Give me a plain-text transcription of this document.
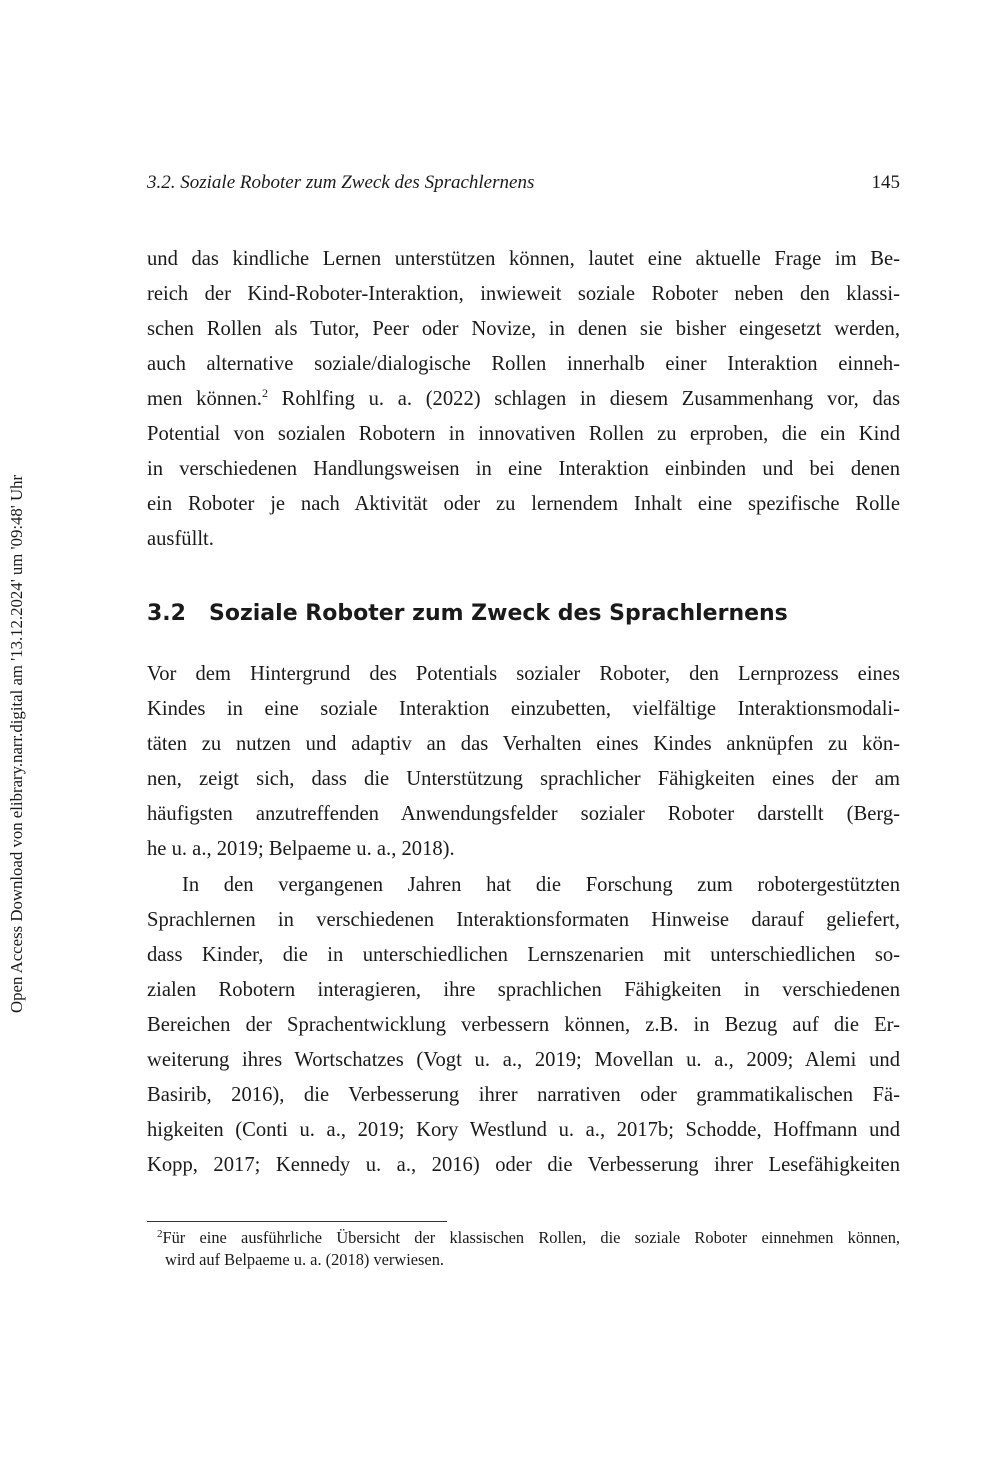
3.2. Soziale Roboter zum Zweck des Sprachlernens	145
Open Access Download von elibrary.narr.digital am '13.12.2024' um '09:48' Uhr
und das kindliche Lernen unterstützen können, lautet eine aktuelle Frage im Be-
reich der Kind-Roboter-Interaktion, inwieweit soziale Roboter neben den klassi-
schen Rollen als Tutor, Peer oder Novize, in denen sie bisher eingesetzt werden,
auch alternative soziale/dialogische Rollen innerhalb einer Interaktion einneh-
men können.$^2$ Rohlfing u. a. (2022) schlagen in diesem Zusammenhang vor, das
Potential von sozialen Robotern in innovativen Rollen zu erproben, die ein Kind
in verschiedenen Handlungsweisen in eine Interaktion einbinden und bei denen
ein Roboter je nach Aktivität oder zu lernendem Inhalt eine spezifische Rolle
ausfüllt.
3.2 Soziale Roboter zum Zweck des Sprachlernens
Vor dem Hintergrund des Potentials sozialer Roboter, den Lernprozess eines
Kindes in eine soziale Interaktion einzubetten, vielfältige Interaktionsmodali-
täten zu nutzen und adaptiv an das Verhalten eines Kindes anknüpfen zu kön-
nen, zeigt sich, dass die Unterstützung sprachlicher Fähigkeiten eines der am
häufigsten anzutreffenden Anwendungsfelder sozialer Roboter darstellt (Berg-
he u. a., 2019; Belpaeme u. a., 2018).
In den vergangenen Jahren hat die Forschung zum robotergestützten
Sprachlernen in verschiedenen Interaktionsformaten Hinweise darauf geliefert,
dass Kinder, die in unterschiedlichen Lernszenarien mit unterschiedlichen so-
zialen Robotern interagieren, ihre sprachlichen Fähigkeiten in verschiedenen
Bereichen der Sprachentwicklung verbessern können, z.B. in Bezug auf die Er-
weiterung ihres Wortschatzes (Vogt u. a., 2019; Movellan u. a., 2009; Alemi und
Basirib, 2016), die Verbesserung ihrer narrativen oder grammatikalischen Fä-
higkeiten (Conti u. a., 2019; Kory Westlund u. a., 2017b; Schodde, Hoffmann und
Kopp, 2017; Kennedy u. a., 2016) oder die Verbesserung ihrer Lesefähigkeiten
$^2$Für eine ausführliche Übersicht der klassischen Rollen, die soziale Roboter einnehmen können,
wird auf Belpaeme u. a. (2018) verwiesen.
